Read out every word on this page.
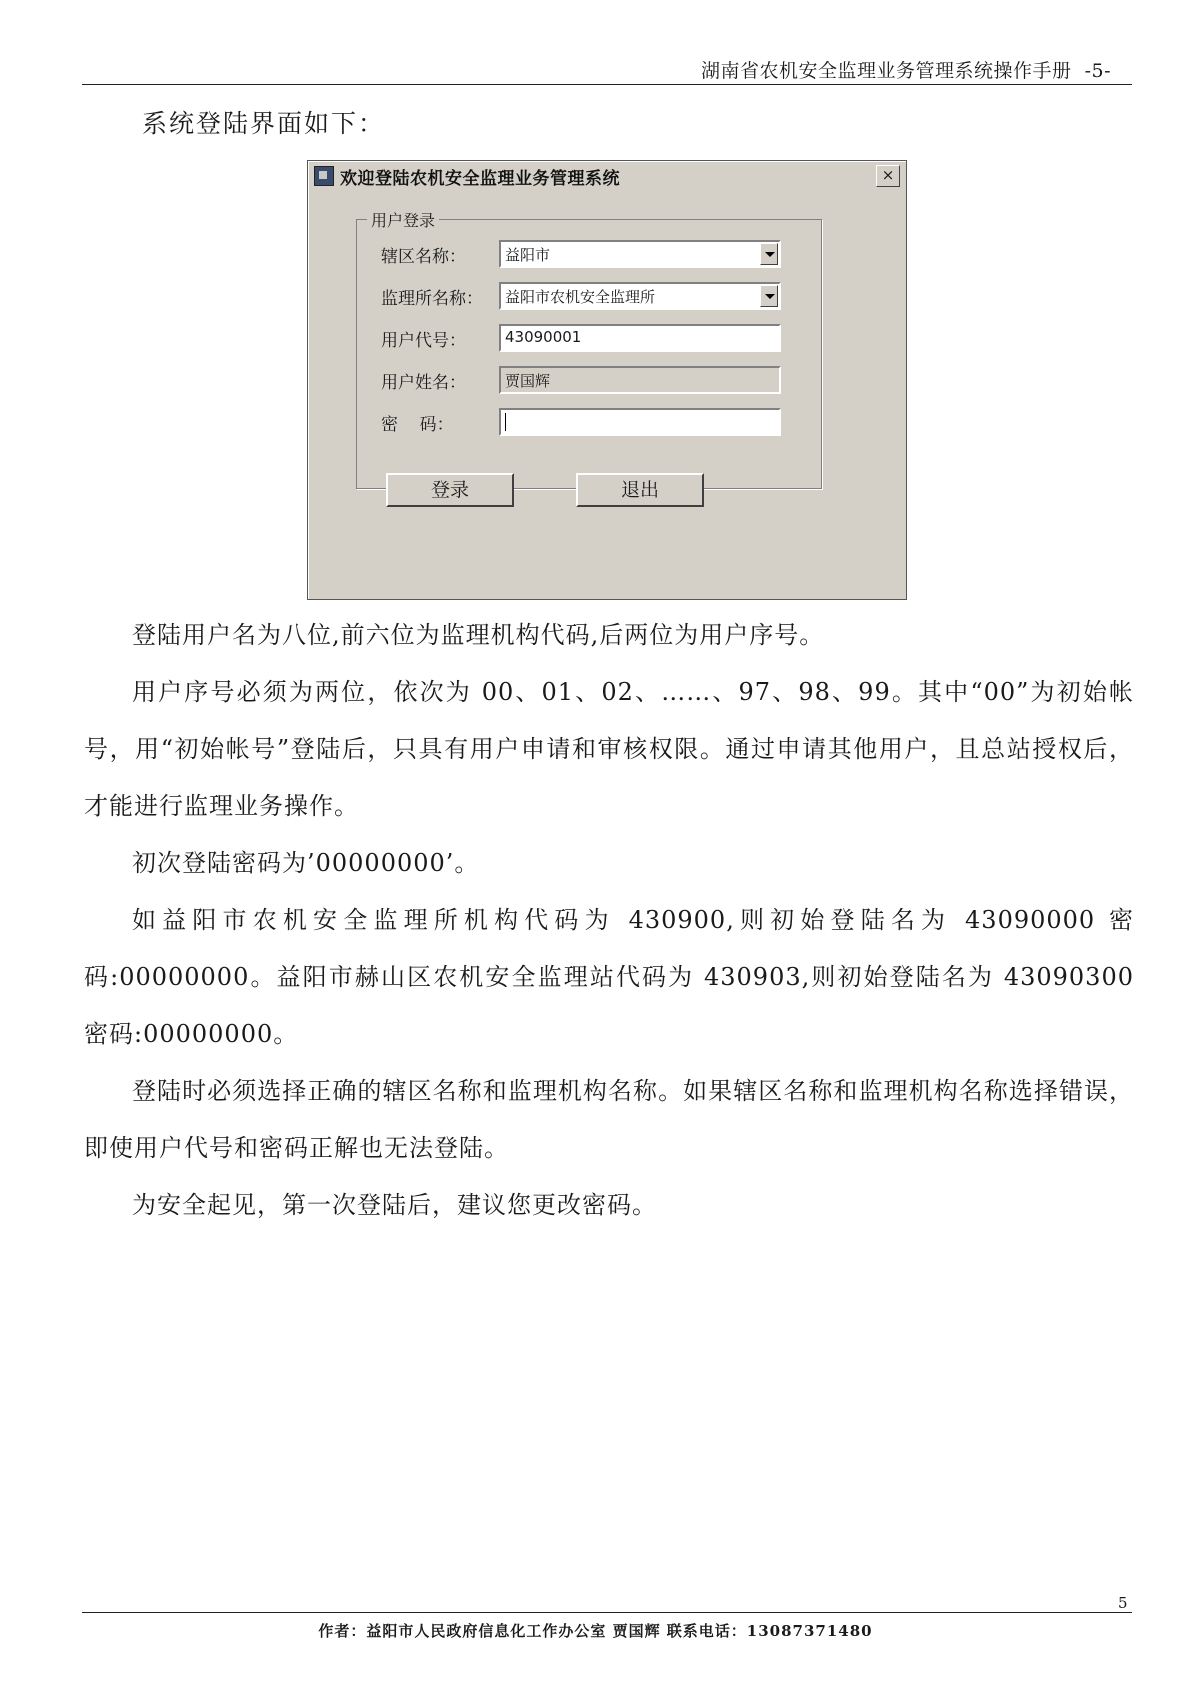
湖南省农机安全监理业务管理系统操作手册 -5-
系统登陆界面如下：
欢迎登陆农机安全监理业务管理系统	×
用户登录
辖区名称：	益阳市
监理所名称：	益阳市农机安全监理所
用户代号：	43090001
用户姓名：	贾国辉
密    码：
登录	退出

登陆用户名为八位,前六位为监理机构代码,后两位为用户序号。

用户序号必须为两位，依次为 00、01、02、……、97、98、99。其中“00”为初始帐号，用“初始帐号”登陆后，只具有用户申请和审核权限。通过申请其他用户，且总站授权后，才能进行监理业务操作。

初次登陆密码为’00000000’。

如益阳市农机安全监理所机构代码为 430900,则初始登陆名为 43090000 密码:00000000。益阳市赫山区农机安全监理站代码为 430903,则初始登陆名为 43090300 密码:00000000。

登陆时必须选择正确的辖区名称和监理机构名称。如果辖区名称和监理机构名称选择错误，即使用户代号和密码正解也无法登陆。

为安全起见，第一次登陆后，建议您更改密码。

5
作者：益阳市人民政府信息化工作办公室 贾国辉 联系电话：13087371480
